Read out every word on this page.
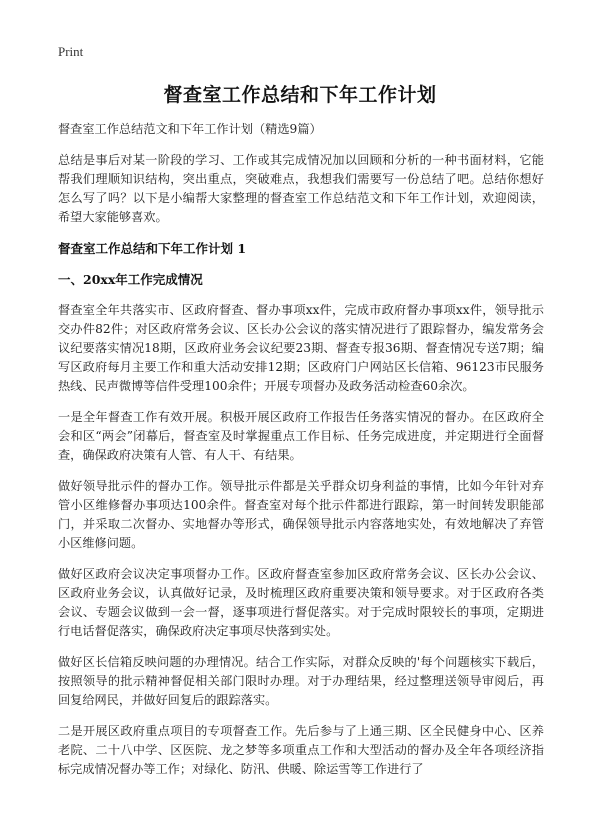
Print
督查室工作总结和下年工作计划

督查室工作总结范文和下年工作计划（精选9篇）

总结是事后对某一阶段的学习、工作或其完成情况加以回顾和分析的一种书面材料，它能帮我们理顺知识结构，突出重点，突破难点，我想我们需要写一份总结了吧。总结你想好怎么写了吗？以下是小编帮大家整理的督查室工作总结范文和下年工作计划，欢迎阅读，希望大家能够喜欢。

督查室工作总结和下年工作计划 1
一、20xx年工作完成情况

督查室全年共落实市、区政府督查、督办事项xx件，完成市政府督办事项xx件，领导批示交办件82件；对区政府常务会议、区长办公会议的落实情况进行了跟踪督办，编发常务会议纪要落实情况18期，区政府业务会议纪要23期、督查专报36期、督查情况专送7期；编写区政府每月主要工作和重大活动安排12期；区政府门户网站区长信箱、96123市民服务热线、民声微博等信件受理100余件；开展专项督办及政务活动检查60余次。

一是全年督查工作有效开展。积极开展区政府工作报告任务落实情况的督办。在区政府全会和区“两会”闭幕后，督查室及时掌握重点工作目标、任务完成进度，并定期进行全面督查，确保政府决策有人管、有人干、有结果。

做好领导批示件的督办工作。领导批示件都是关乎群众切身利益的事情，比如今年针对弃管小区维修督办事项达100余件。督查室对每个批示件都进行跟踪，第一时间转发职能部门，并采取二次督办、实地督办等形式，确保领导批示内容落地实处，有效地解决了弃管小区维修问题。

做好区政府会议决定事项督办工作。区政府督查室参加区政府常务会议、区长办公会议、区政府业务会议，认真做好记录，及时梳理区政府重要决策和领导要求。对于区政府各类会议、专题会议做到一会一督，逐事项进行督促落实。对于完成时限较长的事项，定期进行电话督促落实，确保政府决定事项尽快落到实处。

做好区长信箱反映问题的办理情况。结合工作实际，对群众反映的'每个问题核实下载后，按照领导的批示精神督促相关部门限时办理。对于办理结果，经过整理送领导审阅后，再回复给网民，并做好回复后的跟踪落实。

二是开展区政府重点项目的专项督查工作。先后参与了上通三期、区全民健身中心、区养老院、二十八中学、区医院、龙之梦等多项重点工作和大型活动的督办及全年各项经济指标完成情况督办等工作；对绿化、防汛、供暖、除运雪等工作进行了
